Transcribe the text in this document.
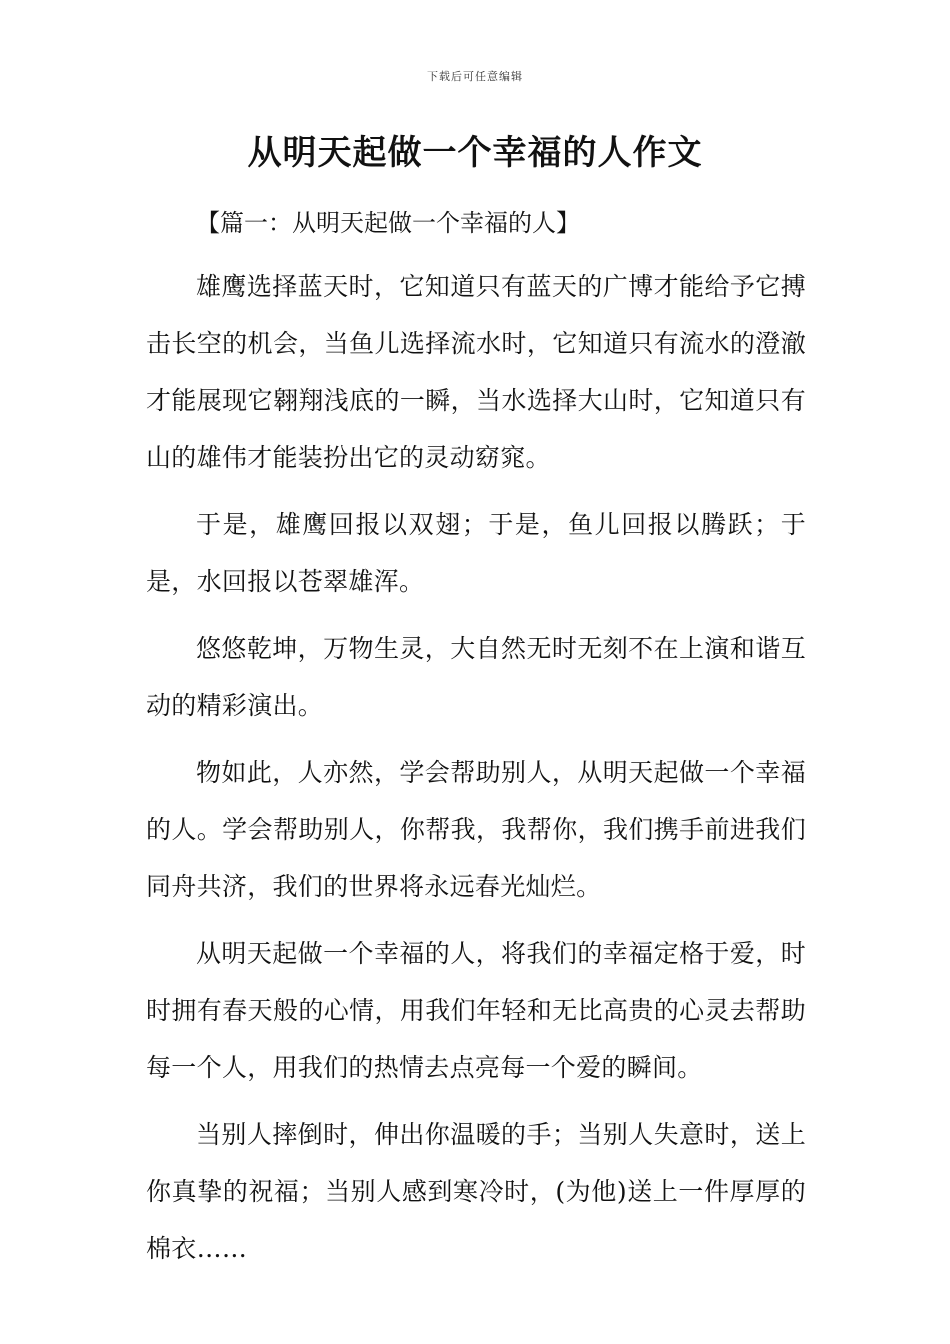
下载后可任意编辑
从明天起做一个幸福的人作文
【篇一：从明天起做一个幸福的人】

雄鹰选择蓝天时，它知道只有蓝天的广博才能给予它搏击长空的机会，当鱼儿选择流水时，它知道只有流水的澄澈才能展现它翱翔浅底的一瞬，当水选择大山时，它知道只有山的雄伟才能装扮出它的灵动窈窕。

于是，雄鹰回报以双翅；于是，鱼儿回报以腾跃；于是，水回报以苍翠雄浑。

悠悠乾坤，万物生灵，大自然无时无刻不在上演和谐互动的精彩演出。

物如此，人亦然，学会帮助别人，从明天起做一个幸福的人。学会帮助别人，你帮我，我帮你，我们携手前进我们同舟共济，我们的世界将永远春光灿烂。

从明天起做一个幸福的人，将我们的幸福定格于爱，时时拥有春天般的心情，用我们年轻和无比高贵的心灵去帮助每一个人，用我们的热情去点亮每一个爱的瞬间。

当别人摔倒时，伸出你温暖的手；当别人失意时，送上你真挚的祝福；当别人感到寒冷时，(为他)送上一件厚厚的棉衣……
